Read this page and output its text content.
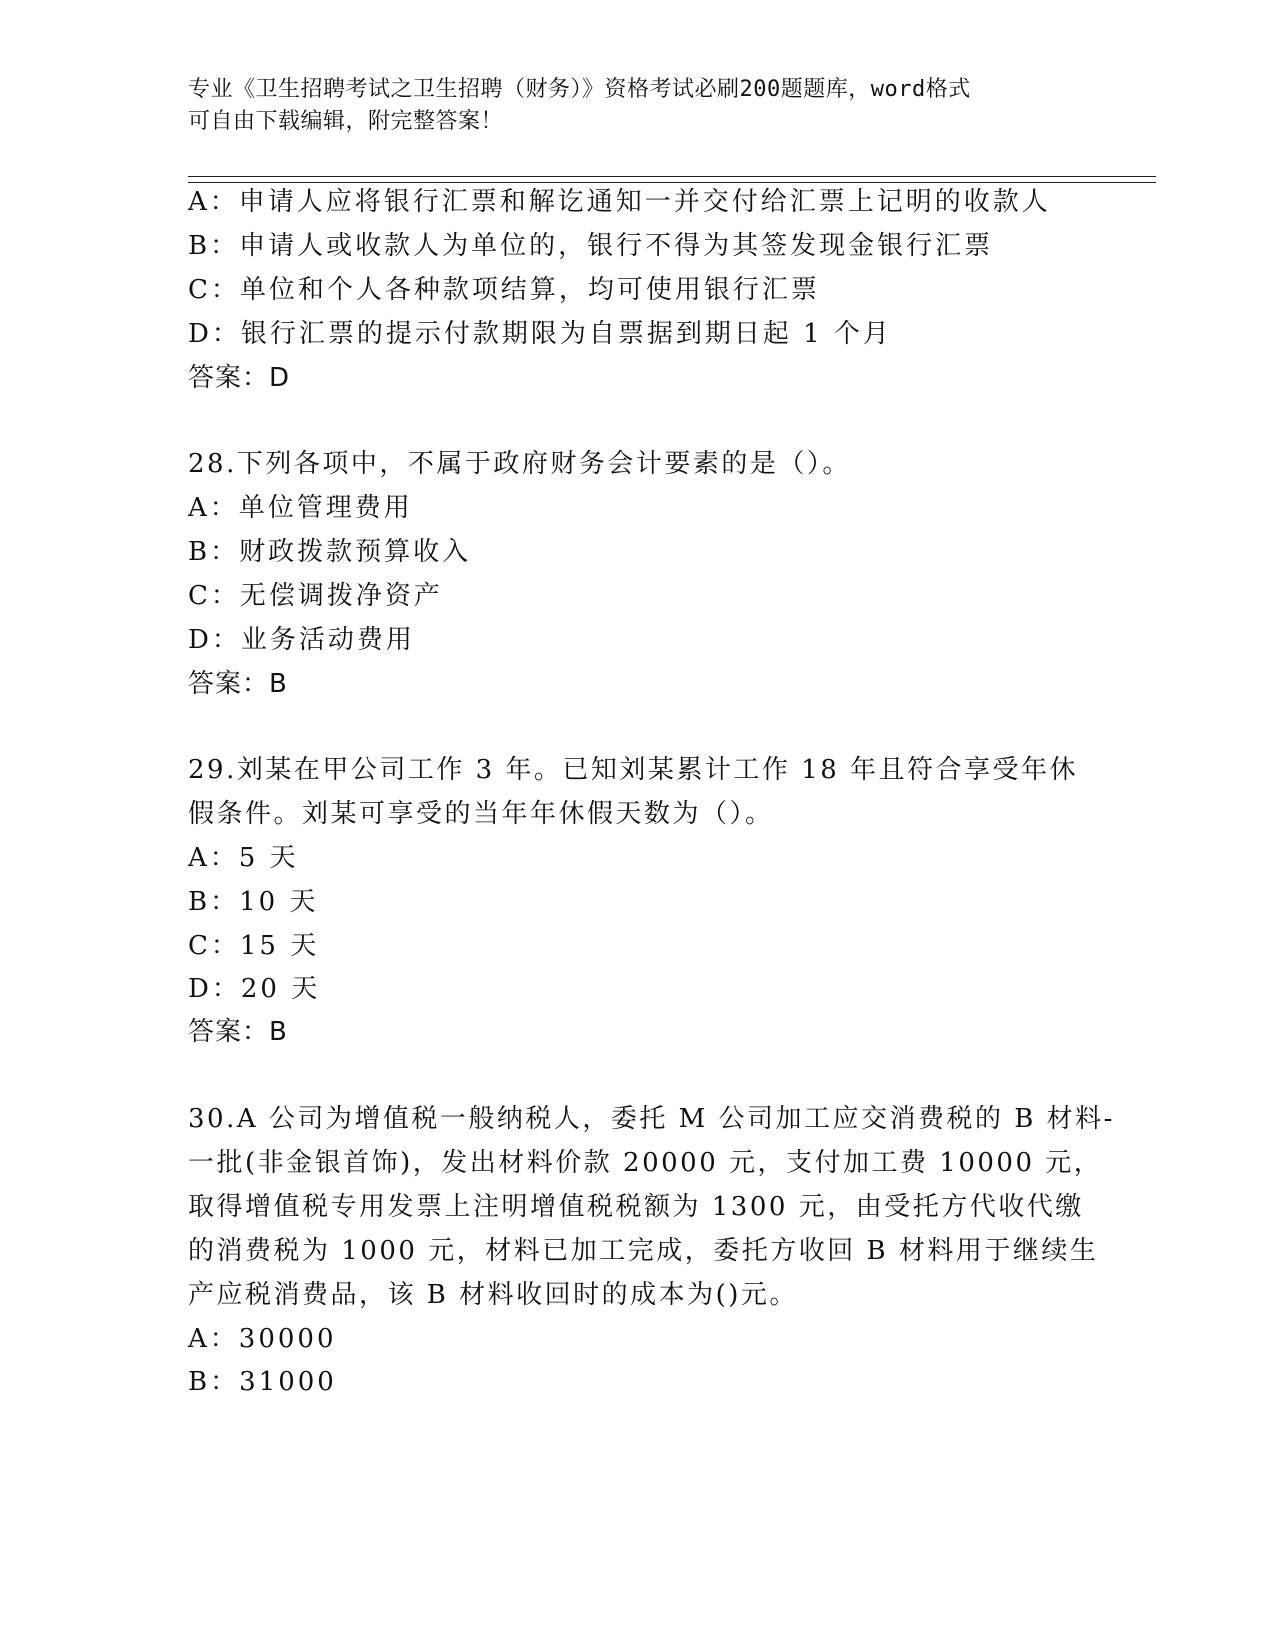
专业《卫生招聘考试之卫生招聘（财务）》资格考试必刷200题题库，word格式
可自由下载编辑，附完整答案！
A：申请人应将银行汇票和解讫通知一并交付给汇票上记明的收款人
B：申请人或收款人为单位的，银行不得为其签发现金银行汇票
C：单位和个人各种款项结算，均可使用银行汇票
D：银行汇票的提示付款期限为自票据到期日起 1 个月
答案：D
28.下列各项中，不属于政府财务会计要素的是（）。
A：单位管理费用
B：财政拨款预算收入
C：无偿调拨净资产
D：业务活动费用
答案：B
29.刘某在甲公司工作 3 年。已知刘某累计工作 18 年且符合享受年休
假条件。刘某可享受的当年年休假天数为（）。
A：5 天
B：10 天
C：15 天
D：20 天
答案：B
30.A 公司为增值税一般纳税人，委托 M 公司加工应交消费税的 B 材料-
一批(非金银首饰)，发出材料价款 20000 元，支付加工费 10000 元，
取得增值税专用发票上注明增值税税额为 1300 元，由受托方代收代缴
的消费税为 1000 元，材料已加工完成，委托方收回 B 材料用于继续生
产应税消费品，该 B 材料收回时的成本为()元。
A：30000
B：31000
